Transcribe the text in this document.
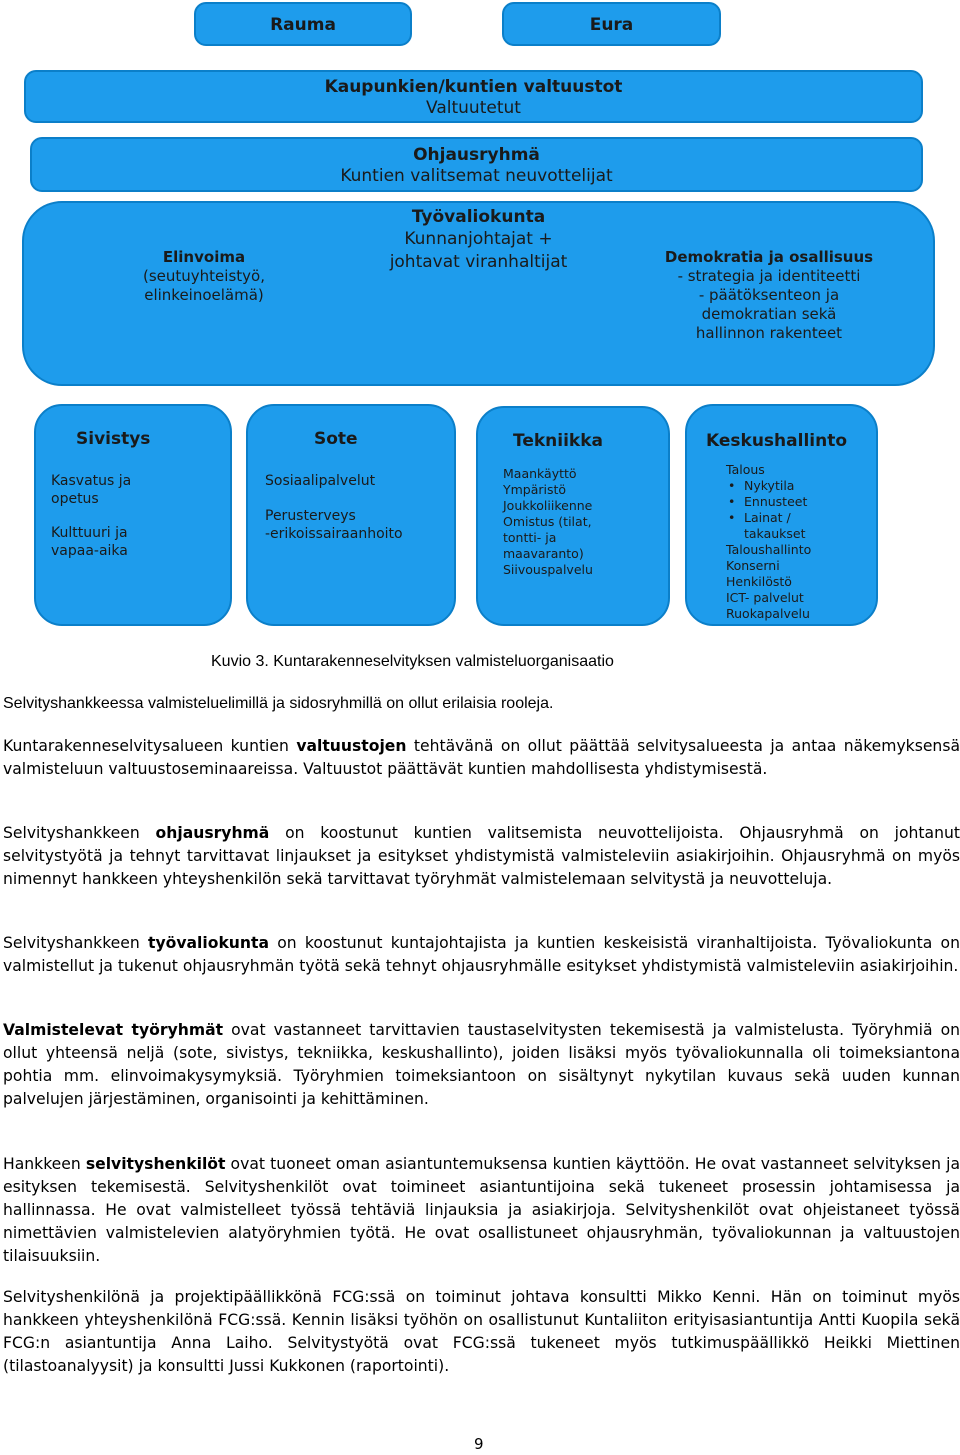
Rauma	Eura
Kaupunkien/kuntien valtuustot
Valtuutetut
Ohjausryhmä
Kuntien valitsemat neuvottelijat
Työvaliokunta
Kunnanjohtajat +
johtavat viranhaltijat
Elinvoima
(seutuyhteistyö,
elinkeinoelämä)
Demokratia ja osallisuus
- strategia ja identiteetti
- päätöksenteon ja
demokratian sekä
hallinnon rakenteet
Sivistys
Kasvatus ja
opetus
Kulttuuri ja
vapaa-aika
Sote
Sosiaalipalvelut
Perusterveys
-erikoissairaanhoito
Tekniikka
Maankäyttö
Ympäristö
Joukkoliikenne
Omistus (tilat,
tontti- ja
maavaranto)
Siivouspalvelu
Keskushallinto
Talous
• Nykytila
• Ennusteet
• Lainat /
takaukset
Taloushallinto
Konserni
Henkilöstö
ICT- palvelut
Ruokapalvelu
Kuvio 3. Kuntarakenneselvityksen valmisteluorganisaatio
Selvityshankkeessa valmisteluelimillä ja sidosryhmillä on ollut erilaisia rooleja.

Kuntarakenneselvitysalueen kuntien valtuustojen tehtävänä on ollut päättää selvitysalueesta ja antaa näkemyksensä valmisteluun valtuustoseminaareissa. Valtuustot päättävät kuntien mahdollisesta yhdistymisestä.

Selvityshankkeen ohjausryhmä on koostunut kuntien valitsemista neuvottelijoista. Ohjausryhmä on johtanut selvitystyötä ja tehnyt tarvittavat linjaukset ja esitykset yhdistymistä valmisteleviin asiakirjoihin. Ohjausryhmä on myös nimennyt hankkeen yhteyshenkilön sekä tarvittavat työryhmät valmistelemaan selvitystä ja neuvotteluja.

Selvityshankkeen työvaliokunta on koostunut kuntajohtajista ja kuntien keskeisistä viranhaltijoista. Työvaliokunta on valmistellut ja tukenut ohjausryhmän työtä sekä tehnyt ohjausryhmälle esitykset yhdistymistä valmisteleviin asiakirjoihin.

Valmistelevat työryhmät ovat vastanneet tarvittavien taustaselvitysten tekemisestä ja valmistelusta. Työryhmiä on ollut yhteensä neljä (sote, sivistys, tekniikka, keskushallinto), joiden lisäksi myös työvaliokunnalla oli toimeksiantona pohtia mm. elinvoimakysymyksiä. Työryhmien toimeksiantoon on sisältynyt nykytilan kuvaus sekä uuden kunnan palvelujen järjestäminen, organisointi ja kehittäminen.

Hankkeen selvityshenkilöt ovat tuoneet oman asiantuntemuksensa kuntien käyttöön. He ovat vastanneet selvityksen ja esityksen tekemisestä. Selvityshenkilöt ovat toimineet asiantuntijoina sekä tukeneet prosessin johtamisessa ja hallinnassa. He ovat valmistelleet työssä tehtäviä linjauksia ja asiakirjoja. Selvityshenkilöt ovat ohjeistaneet työssä nimettävien valmistelevien alatyöryhmien työtä. He ovat osallistuneet ohjausryhmän, työvaliokunnan ja valtuustojen tilaisuuksiin.

Selvityshenkilönä ja projektipäällikkönä FCG:ssä on toiminut johtava konsultti Mikko Kenni. Hän on toiminut myös hankkeen yhteyshenkilönä FCG:ssä. Kennin lisäksi työhön on osallistunut Kuntaliiton erityisasiantuntija Antti Kuopila sekä FCG:n asiantuntija Anna Laiho. Selvitystyötä ovat FCG:ssä tukeneet myös tutkimuspäällikkö Heikki Miettinen (tilastoanalyysit) ja konsultti Jussi Kukkonen (raportointi).

9
